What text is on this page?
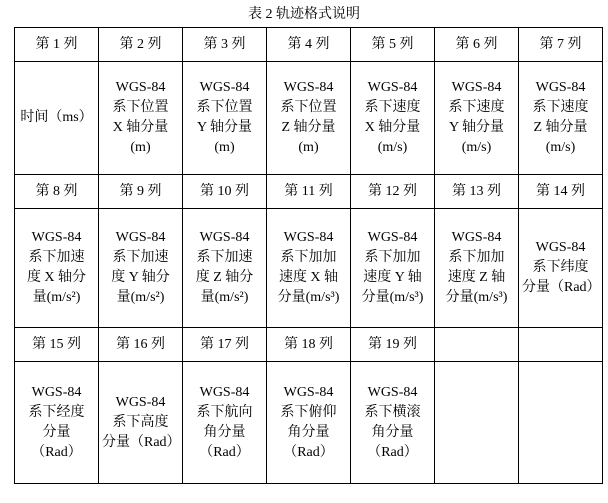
表 2 轨迹格式说明
第 1 列	第 2 列	第 3 列	第 4 列	第 5 列	第 6 列	第 7 列

时间（ms）	WGS-84
系下位置
X 轴分量
(m)	WGS-84
系下位置
Y 轴分量
(m)	WGS-84
系下位置
Z 轴分量
(m)	WGS-84
系下速度
X 轴分量
(m/s)	WGS-84
系下速度
Y 轴分量
(m/s)	WGS-84
系下速度
Z 轴分量
(m/s)

第 8 列	第 9 列	第 10 列	第 11 列	第 12 列	第 13 列	第 14 列

WGS-84
系下加速
度 X 轴分
量(m/s²)	WGS-84
系下加速
度 Y 轴分
量(m/s²)	WGS-84
系下加速
度 Z 轴分
量(m/s²)	WGS-84
系下加加
速度 X 轴
分量(m/s³)	WGS-84
系下加加
速度 Y 轴
分量(m/s³)	WGS-84
系下加加
速度 Z 轴
分量(m/s³)	WGS-84
系下纬度
分量（Rad）

第 15 列	第 16 列	第 17 列	第 18 列	第 19 列		

WGS-84
系下经度
分量
（Rad）	WGS-84
系下高度
分量（Rad）	WGS-84
系下航向
角分量
（Rad）	WGS-84
系下俯仰
角分量
（Rad）	WGS-84
系下横滚
角分量
（Rad）		
